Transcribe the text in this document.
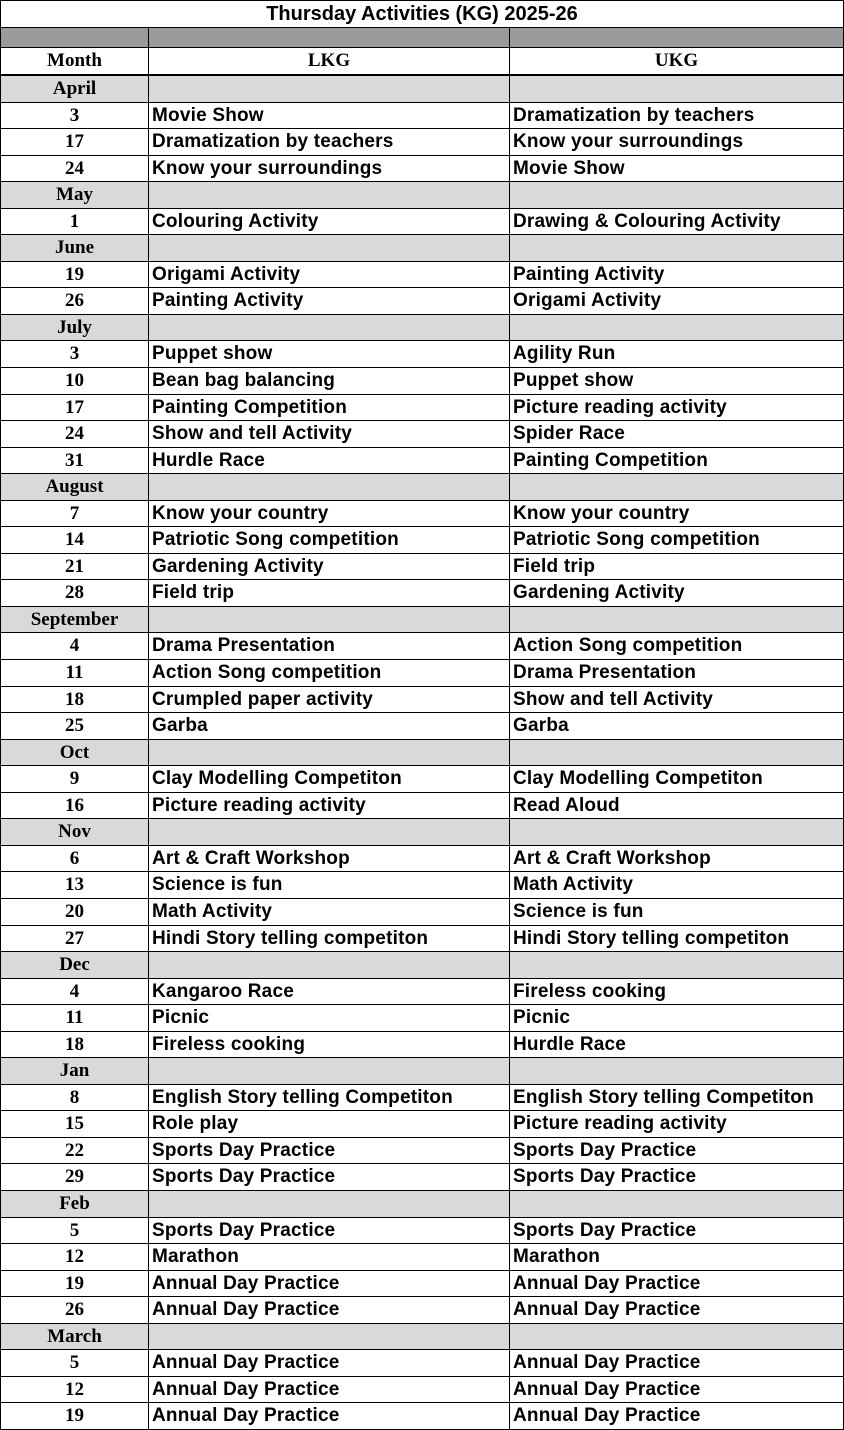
Thursday Activities (KG) 2025-26
Month	LKG	UKG
April
3	Movie Show	Dramatization by teachers
17	Dramatization by teachers	Know your surroundings
24	Know your surroundings	Movie Show
May
1	Colouring Activity	Drawing & Colouring Activity
June
19	Origami Activity	Painting Activity
26	Painting Activity	Origami Activity
July
3	Puppet show	Agility Run
10	Bean bag balancing	Puppet show
17	Painting Competition	Picture reading activity
24	Show and tell Activity	Spider Race
31	Hurdle Race	Painting Competition
August
7	Know your country	Know your country
14	Patriotic Song competition	Patriotic Song competition
21	Gardening Activity	Field trip
28	Field trip	Gardening Activity
September
4	Drama Presentation	Action Song competition
11	Action Song competition	Drama Presentation
18	Crumpled paper activity	Show and tell Activity
25	Garba	Garba
Oct
9	Clay Modelling Competiton	Clay Modelling Competiton
16	Picture reading activity	Read Aloud
Nov
6	Art & Craft Workshop	Art & Craft Workshop
13	Science is fun	Math Activity
20	Math Activity	Science is fun
27	Hindi Story telling competiton	Hindi Story telling competiton
Dec
4	Kangaroo Race	Fireless cooking
11	Picnic	Picnic
18	Fireless cooking	Hurdle Race
Jan
8	English Story telling Competiton	English Story telling Competiton
15	Role play	Picture reading activity
22	Sports Day Practice	Sports Day Practice
29	Sports Day Practice	Sports Day Practice
Feb
5	Sports Day Practice	Sports Day Practice
12	Marathon	Marathon
19	Annual Day Practice	Annual Day Practice
26	Annual Day Practice	Annual Day Practice
March
5	Annual Day Practice	Annual Day Practice
12	Annual Day Practice	Annual Day Practice
19	Annual Day Practice	Annual Day Practice
